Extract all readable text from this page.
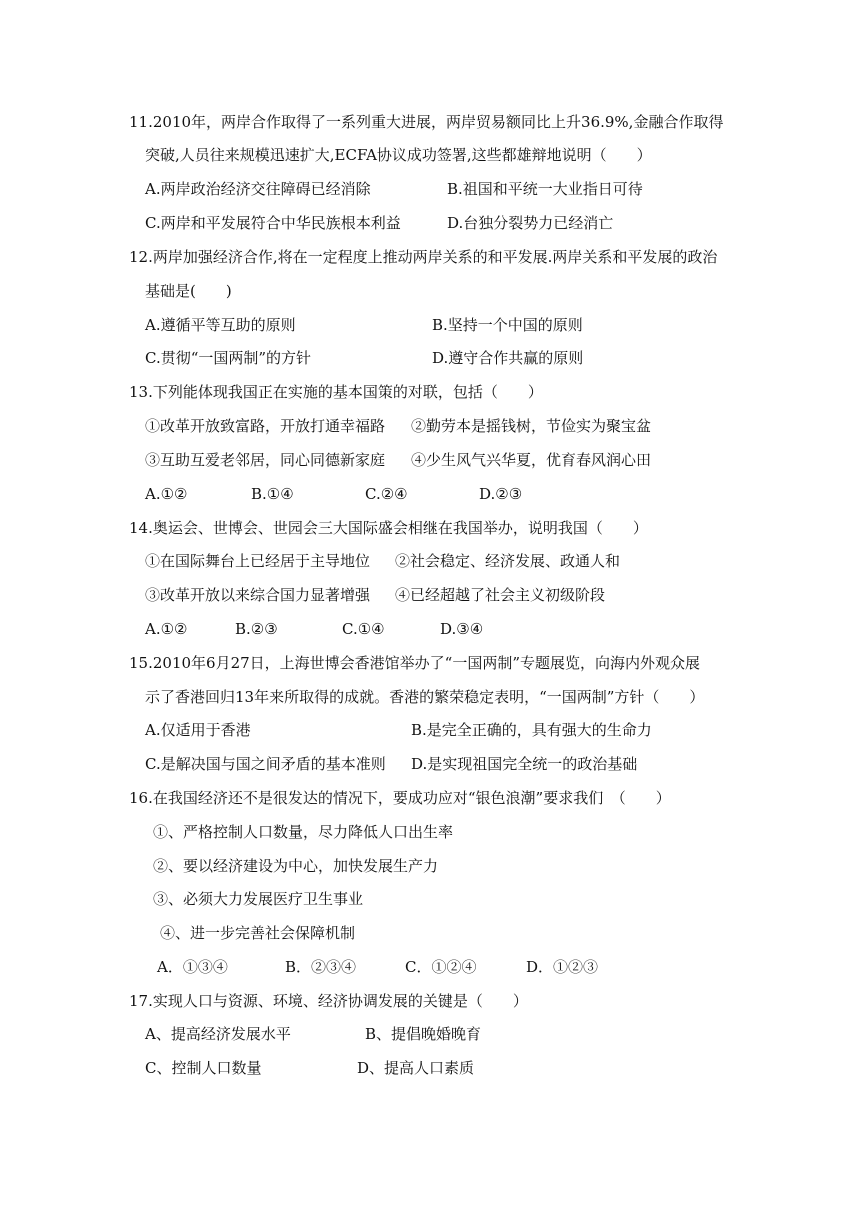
11.2010年，两岸合作取得了一系列重大进展，两岸贸易额同比上升36.9%,金融合作取得
突破,人员往来规模迅速扩大,ECFA协议成功签署,这些都雄辩地说明（　　）
A.两岸政治经济交往障碍已经消除	B.祖国和平统一大业指日可待
C.两岸和平发展符合中华民族根本利益	D.台独分裂势力已经消亡
12.两岸加强经济合作,将在一定程度上推动两岸关系的和平发展.两岸关系和平发展的政治
基础是(　　)
A.遵循平等互助的原则	B.坚持一个中国的原则
C.贯彻“一国两制”的方针	D.遵守合作共赢的原则
13.下列能体现我国正在实施的基本国策的对联，包括（　　）
①改革开放致富路，开放打通幸福路 ②勤劳本是摇钱树，节俭实为聚宝盆
③互助互爱老邻居，同心同德新家庭 ④少生风气兴华夏，优育春风润心田
A.①②	B.①④	C.②④	D.②③
14.奥运会、世博会、世园会三大国际盛会相继在我国举办，说明我国（　　）
①在国际舞台上已经居于主导地位 ②社会稳定、经济发展、政通人和
③改革开放以来综合国力显著增强 ④已经超越了社会主义初级阶段
A.①②	B.②③	C.①④	D.③④
15.2010年6月27日，上海世博会香港馆举办了“一国两制”专题展览，向海内外观众展
示了香港回归13年来所取得的成就。香港的繁荣稳定表明，“一国两制”方针（　　）
A.仅适用于香港	B.是完全正确的，具有强大的生命力
C.是解决国与国之间矛盾的基本准则 D.是实现祖国完全统一的政治基础
16.在我国经济还不是很发达的情况下，要成功应对“银色浪潮”要求我们　（　　）
①、严格控制人口数量，尽力降低人口出生率
②、要以经济建设为中心，加快发展生产力
③、必须大力发展医疗卫生事业
④、进一步完善社会保障机制
A．①③④	B．②③④	C．①②④	D．①②③
17.实现人口与资源、环境、经济协调发展的关键是（　　）
A、提高经济发展水平	B、提倡晚婚晚育
C、控制人口数量	D、提高人口素质
